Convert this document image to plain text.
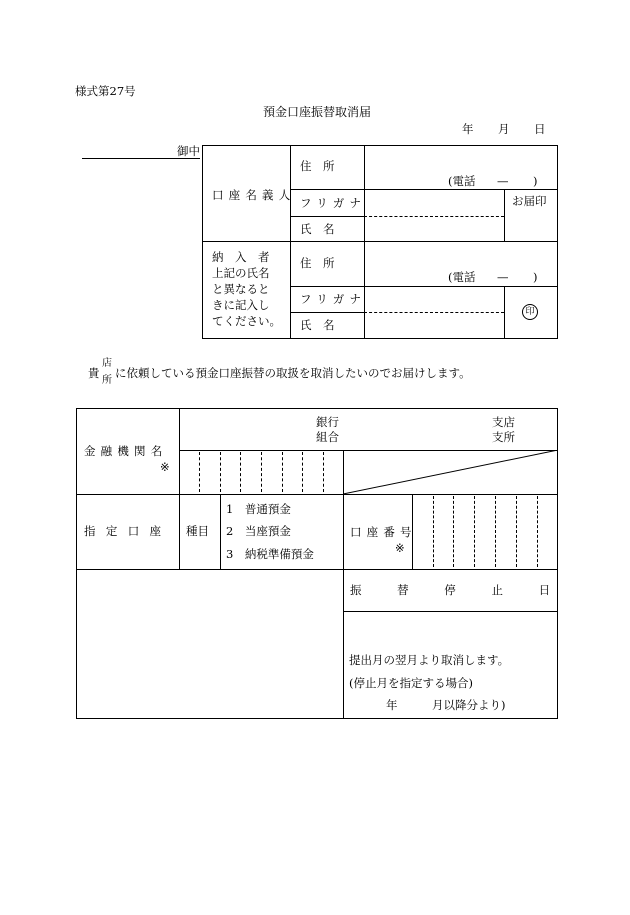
様式第27号
預金口座振替取消届
年 月 日
御中
口座名義人
住　所
(電話 — )
フリガナ
氏　名
お届印
納　入　者
上記の氏名
と異なると
きに記入し
てください。
住　所
(電話 — )
フリガナ
氏　名
印
貴
店
所
に依頼している預金口座振替の取扱を取消したいのでお届けします。
金融機関名
※
銀行
組合
支店
支所
指定口座 種目
1　普通預金
2　当座預金
3　納税準備預金
口座番号
※
振替停止日
提出月の翌月より取消します。
(停止月を指定する場合)
年	月以降分より)
